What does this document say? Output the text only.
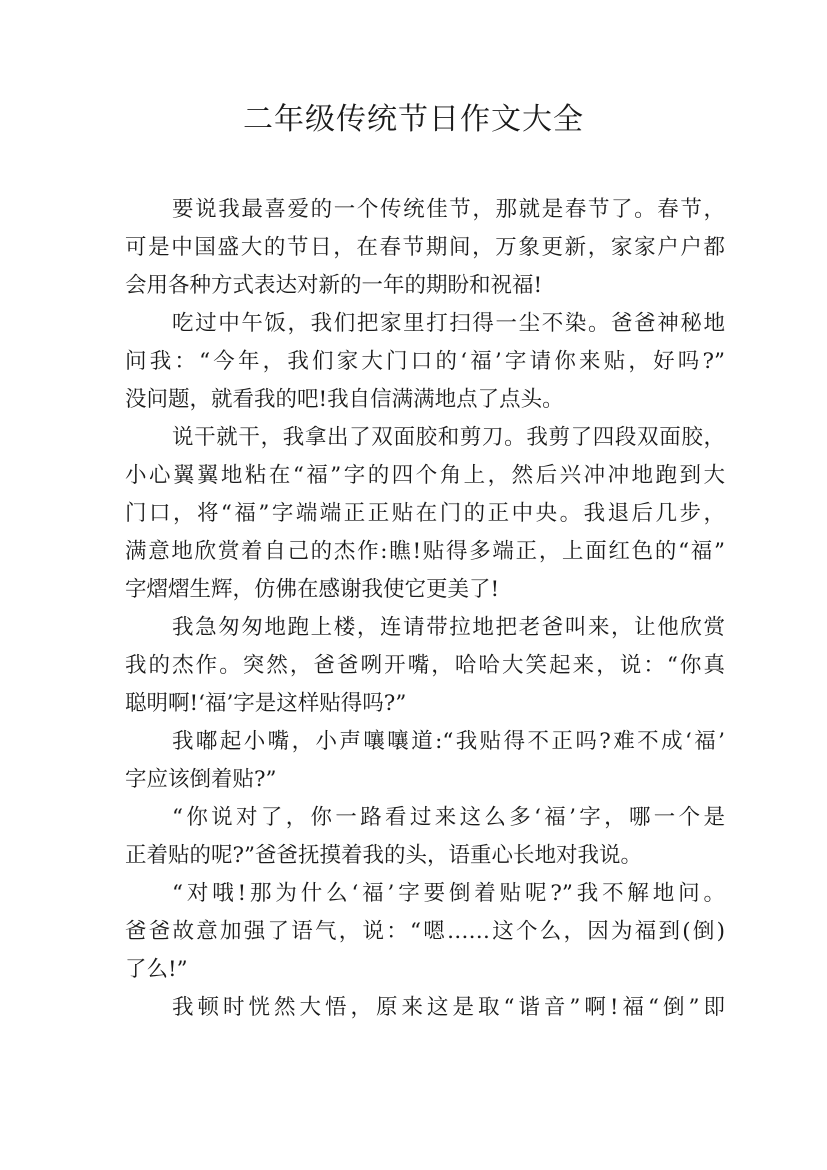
二年级传统节日作文大全

要说我最喜爱的一个传统佳节，那就是春节了。春节，

可是中国盛大的节日，在春节期间，万象更新，家家户户都

会用各种方式表达对新的一年的期盼和祝福!

吃过中午饭，我们把家里打扫得一尘不染。爸爸神秘地

问我：“今年，我们家大门口的‘福’字请你来贴，好吗?”

没问题，就看我的吧!我自信满满地点了点头。

说干就干，我拿出了双面胶和剪刀。我剪了四段双面胶，

小心翼翼地粘在“福”字的四个角上，然后兴冲冲地跑到大

门口，将“福”字端端正正贴在门的正中央。我退后几步，

满意地欣赏着自己的杰作:瞧!贴得多端正，上面红色的“福”

字熠熠生辉，仿佛在感谢我使它更美了!

我急匆匆地跑上楼，连请带拉地把老爸叫来，让他欣赏

我的杰作。突然，爸爸咧开嘴，哈哈大笑起来，说：“你真

聪明啊!‘福’字是这样贴得吗?”

我嘟起小嘴，小声嚷嚷道:“我贴得不正吗?难不成‘福’

字应该倒着贴?”

“你说对了，你一路看过来这么多‘福’字，哪一个是

正着贴的呢?”爸爸抚摸着我的头，语重心长地对我说。

“对哦!那为什么‘福’字要倒着贴呢?”我不解地问。

爸爸故意加强了语气，说：“嗯……这个么，因为福到(倒)

了么!”

我顿时恍然大悟，原来这是取“谐音”啊!福“倒”即
